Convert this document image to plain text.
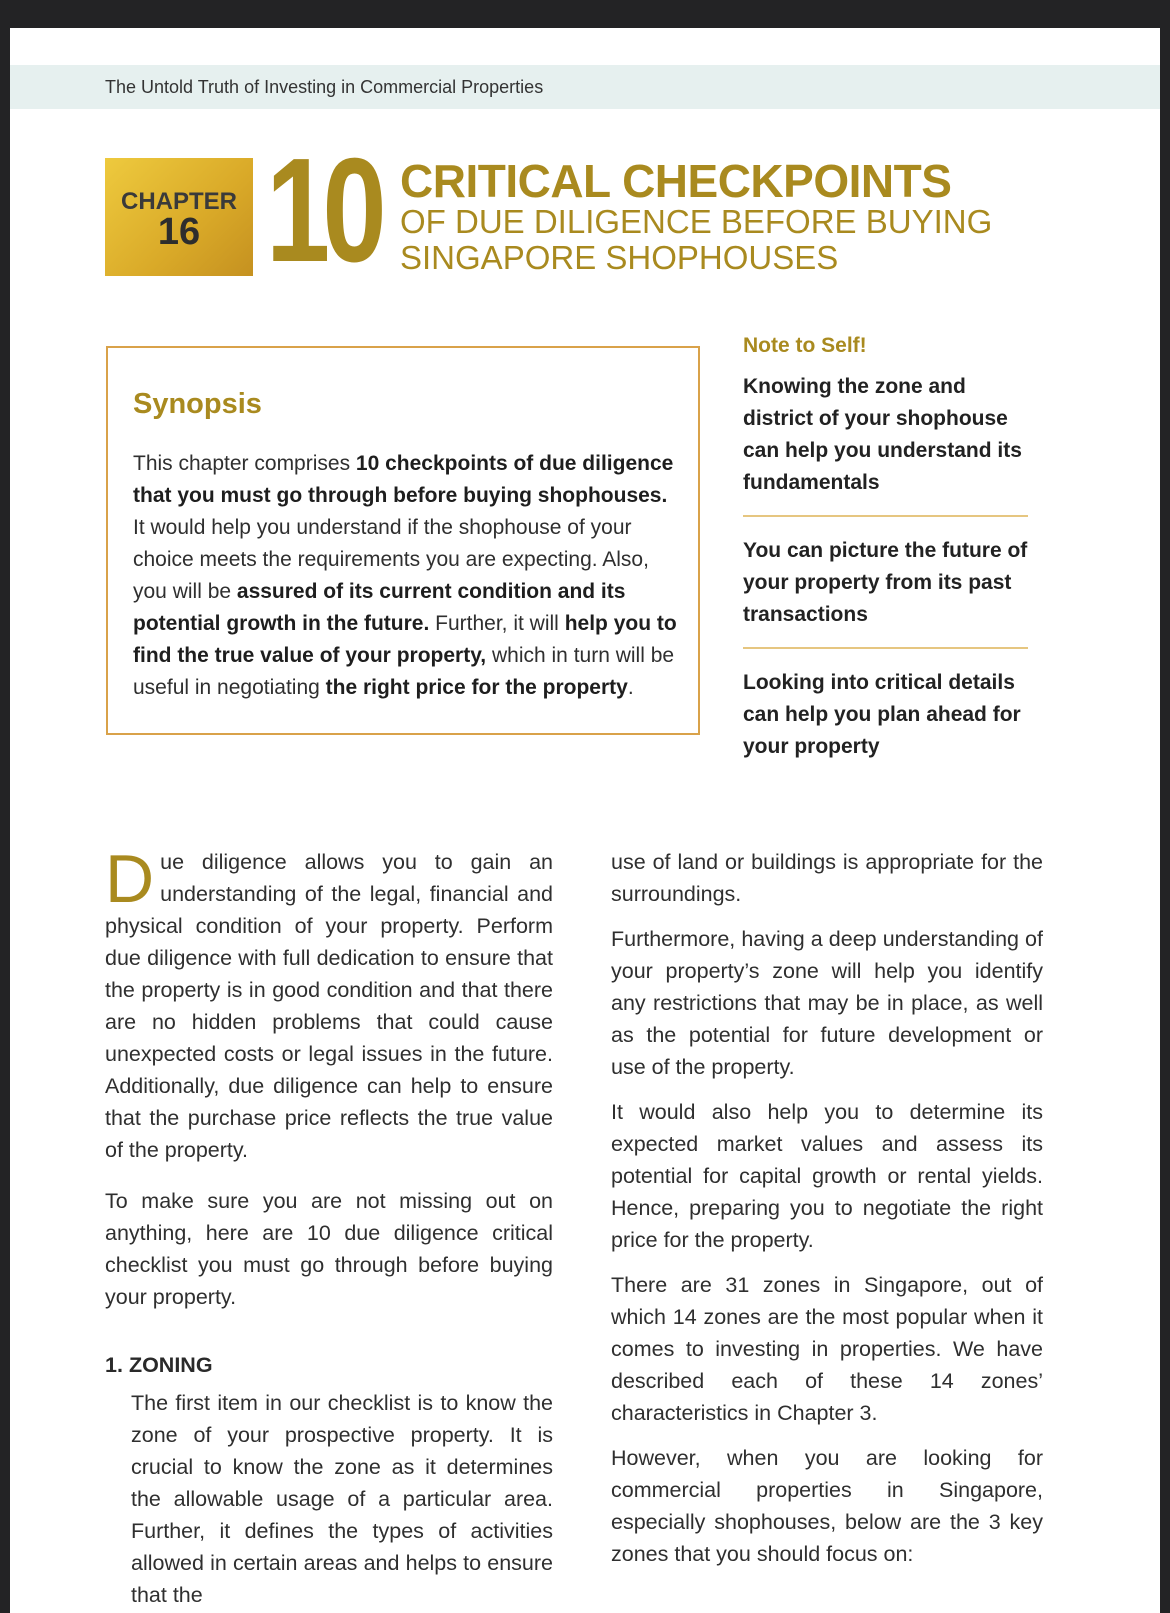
The Untold Truth of Investing in Commercial Properties
CHAPTER
16 10 CRITICAL CHECKPOINTS
OF DUE DILIGENCE BEFORE BUYING
SINGAPORE SHOPHOUSES
Synopsis
This chapter comprises 10 checkpoints of due diligence that you must go through before buying shophouses. It would help you understand if the shophouse of your choice meets the requirements you are expecting. Also, you will be assured of its current condition and its potential growth in the future. Further, it will help you to find the true value of your property, which in turn will be useful in negotiating the right price for the property.
Note to Self!
Knowing the zone and district of your shophouse can help you understand its fundamentals
You can picture the future of your property from its past transactions
Looking into critical details can help you plan ahead for your property

Due diligence allows you to gain an understanding of the legal, financial and physical condition of your property. Perform due diligence with full dedication to ensure that the property is in good condition and that there are no hidden problems that could cause unexpected costs or legal issues in the future. Additionally, due diligence can help to ensure that the purchase price reflects the true value of the property.

To make sure you are not missing out on anything, here are 10 due diligence critical checklist you must go through before buying your property.

1. ZONING

The first item in our checklist is to know the zone of your prospective property. It is crucial to know the zone as it determines the allowable usage of a particular area. Further, it defines the types of activities allowed in certain areas and helps to ensure that the

use of land or buildings is appropriate for the surroundings.

Furthermore, having a deep understanding of your property’s zone will help you identify any restrictions that may be in place, as well as the potential for future development or use of the property.

It would also help you to determine its expected market values and assess its potential for capital growth or rental yields. Hence, preparing you to negotiate the right price for the property.

There are 31 zones in Singapore, out of which 14 zones are the most popular when it comes to investing in properties. We have described each of these 14 zones’ characteristics in Chapter 3.

However, when you are looking for commercial properties in Singapore, especially shophouses, below are the 3 key zones that you should focus on:
